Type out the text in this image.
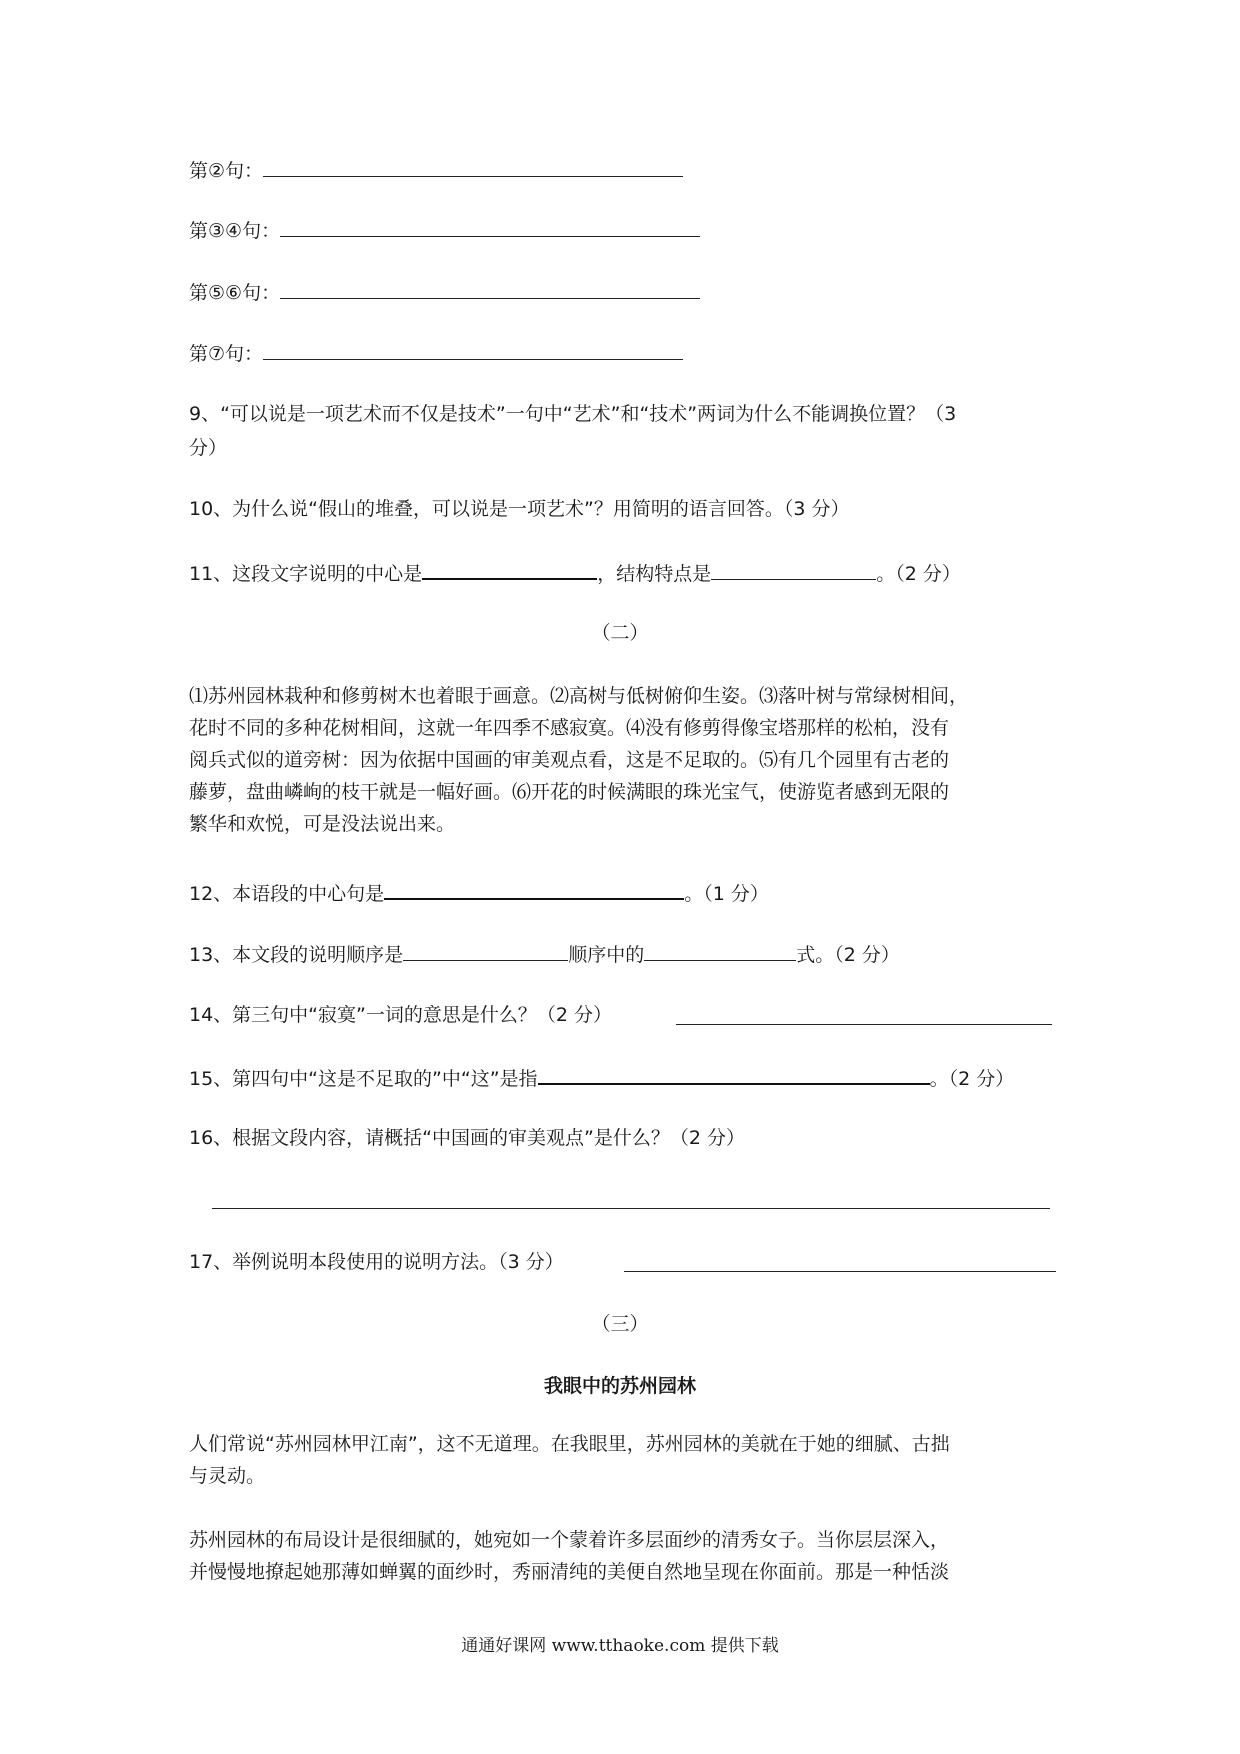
第②句：
第③④句：
第⑤⑥句：
第⑦句：
9、“可以说是一项艺术而不仅是技术”一句中“艺术”和“技术”两词为什么不能调换位置？（3
分）
10、为什么说“假山的堆叠，可以说是一项艺术”？用简明的语言回答。（3 分）
11、这段文字说明的中心是	，结构特点是	。（2 分）
（二）
⑴苏州园林栽种和修剪树木也着眼于画意。⑵高树与低树俯仰生姿。⑶落叶树与常绿树相间，
花时不同的多种花树相间，这就一年四季不感寂寞。⑷没有修剪得像宝塔那样的松柏，没有
阅兵式似的道旁树：因为依据中国画的审美观点看，这是不足取的。⑸有几个园里有古老的
藤萝，盘曲嶙峋的枝干就是一幅好画。⑹开花的时候满眼的珠光宝气，使游览者感到无限的
繁华和欢悦，可是没法说出来。
12、本语段的中心句是	。（1 分）
13、本文段的说明顺序是	顺序中的	式。（2 分）
14、第三句中“寂寞”一词的意思是什么？（2 分）
15、第四句中“这是不足取的”中“这”是指	。（2 分）
16、根据文段内容，请概括“中国画的审美观点”是什么？（2 分）
17、举例说明本段使用的说明方法。（3 分）
（三）
我眼中的苏州园林
人们常说“苏州园林甲江南”，这不无道理。在我眼里，苏州园林的美就在于她的细腻、古拙
与灵动。
苏州园林的布局设计是很细腻的，她宛如一个蒙着许多层面纱的清秀女子。当你层层深入，
并慢慢地撩起她那薄如蝉翼的面纱时，秀丽清纯的美便自然地呈现在你面前。那是一种恬淡
通通好课网 www.tthaoke.com 提供下载
